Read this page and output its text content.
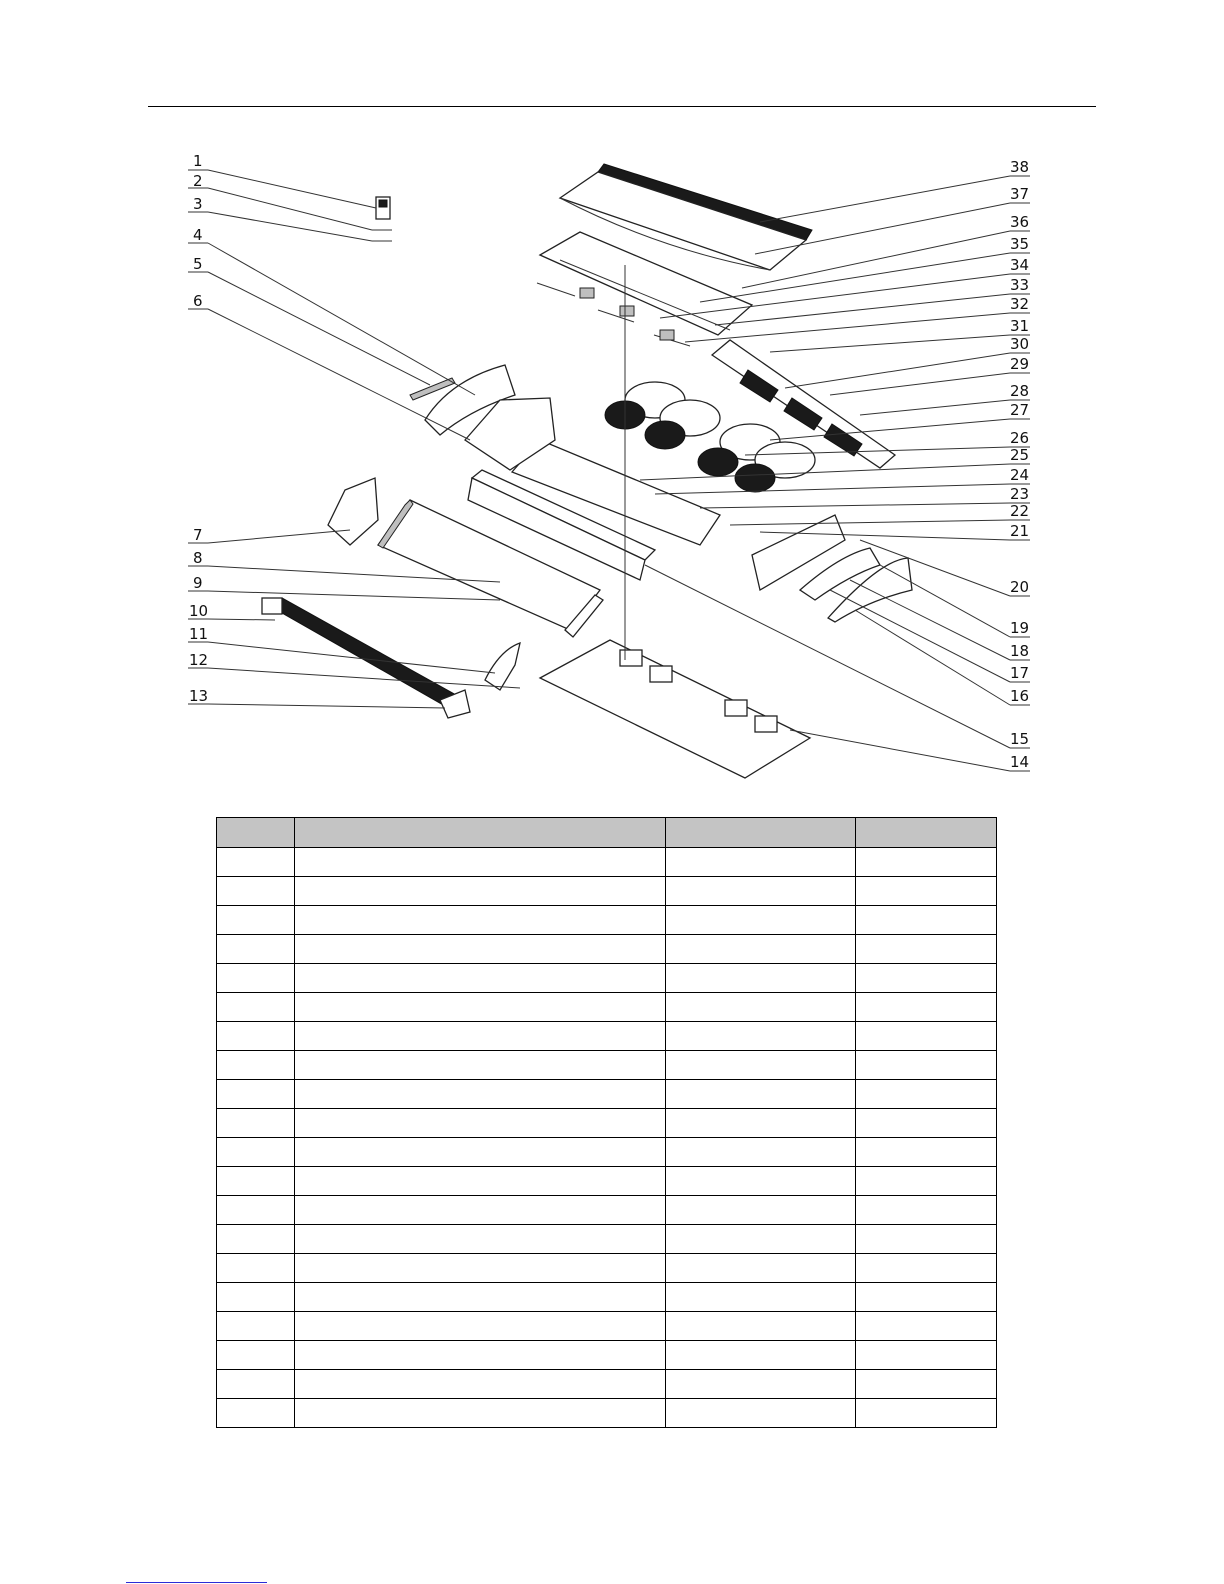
1
2
3
4
5
6
7
8
9
10
11
12
13
38
37
36
35
34
33
32
31
30
29
28
27
26
25
24
23
22
21
20
19
18
17
16
15
14
